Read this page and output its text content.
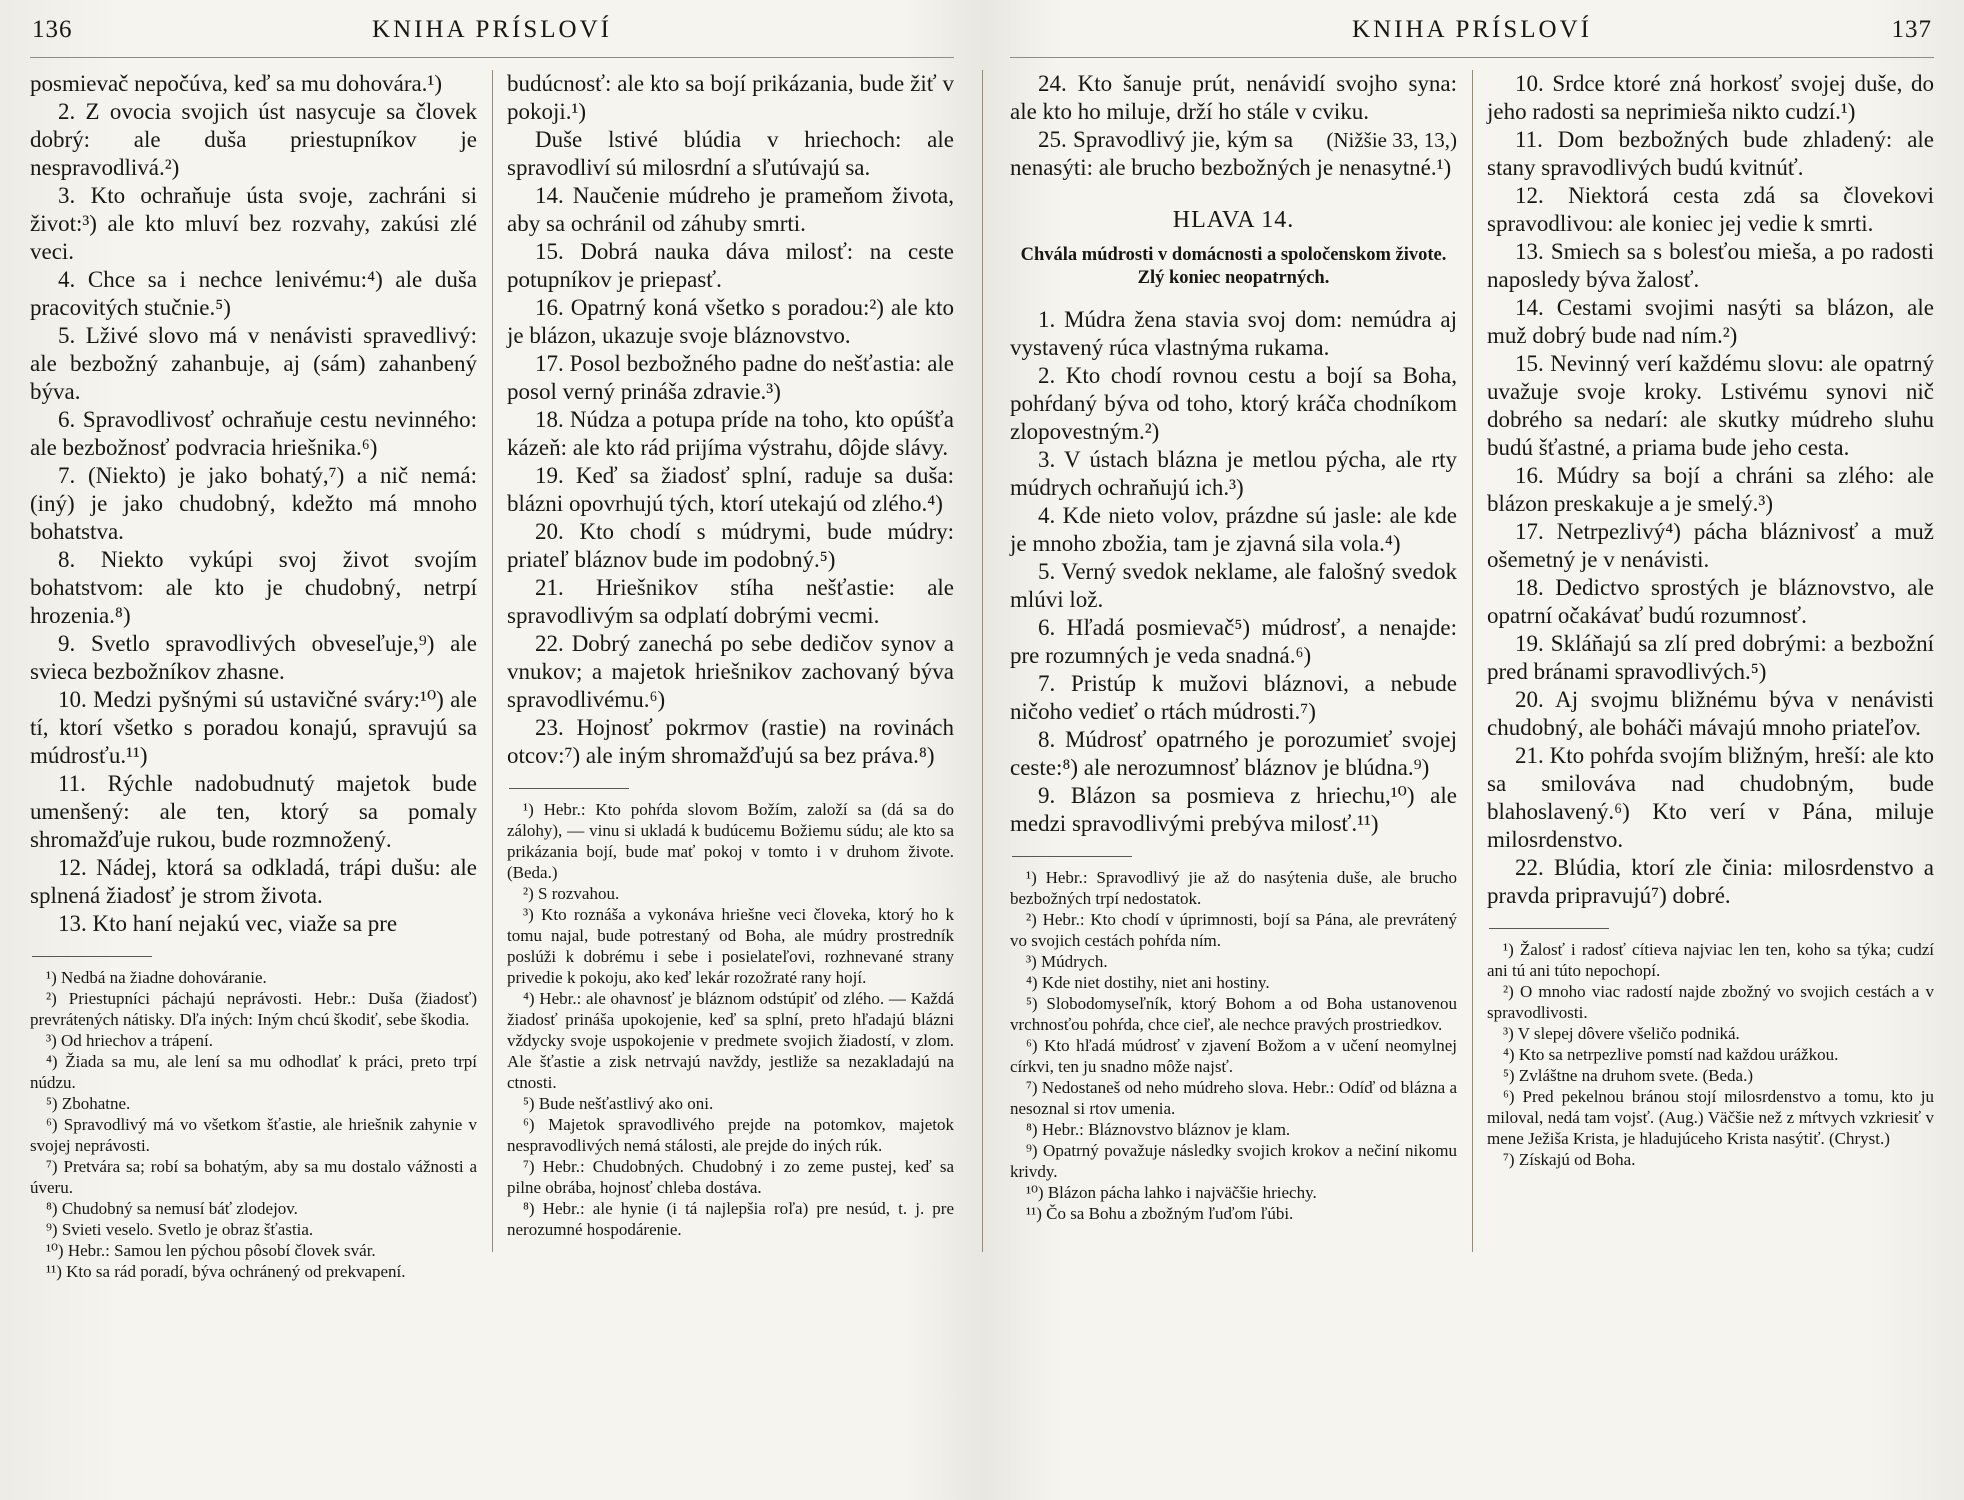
136	KNIHA PRÍSLOVÍ	KNIHA PRÍSLOVÍ	137

posmievač nepočúva, keď sa mu dohovára.¹)

2. Z ovocia svojich úst nasycuje sa človek dobrý: ale duša priestupníkov je nespravodlivá.²)

3. Kto ochraňuje ústa svoje, zachráni si život:³) ale kto mluví bez rozvahy, zakúsi zlé veci.

4. Chce sa i nechce lenivému:⁴) ale duša pracovitých stučnie.⁵)

5. Lživé slovo má v nenávisti spravedlivý: ale bezbožný zahanbuje, aj (sám) zahanbený býva.

6. Spravodlivosť ochraňuje cestu nevinného: ale bezbožnosť podvracia hriešnika.⁶)

7. (Niekto) je jako bohatý,⁷) a nič nemá: (iný) je jako chudobný, kdežto má mnoho bohatstva.

8. Niekto vykúpi svoj život svojím bohatstvom: ale kto je chudobný, netrpí hrozenia.⁸)

9. Svetlo spravodlivých obveseľuje,⁹) ale svieca bezbožníkov zhasne.

10. Medzi pyšnými sú ustavičné sváry:¹⁰) ale tí, ktorí všetko s poradou konajú, spravujú sa múdrosťu.¹¹)

11. Rýchle nadobudnutý majetok bude umenšený: ale ten, ktorý sa pomaly shromažďuje rukou, bude rozmnožený.

12. Nádej, ktorá sa odkladá, trápi dušu: ale splnená žiadosť je strom života.

13. Kto haní nejakú vec, viaže sa pre

¹) Nedbá na žiadne dohováranie.

²) Priestupníci páchajú neprávosti. Hebr.: Duša (žiadosť) prevrátených nátisky. Dľa iných: Iným chcú škodiť, sebe škodia.

³) Od hriechov a trápení.

⁴) Žiada sa mu, ale lení sa mu odhodlať k práci, preto trpí núdzu.

⁵) Zbohatne.

⁶) Spravodlivý má vo všetkom šťastie, ale hriešnik zahynie v svojej neprávosti.

⁷) Pretvára sa; robí sa bohatým, aby sa mu dostalo vážnosti a úveru.

⁸) Chudobný sa nemusí báť zlodejov.

⁹) Svieti veselo. Svetlo je obraz šťastia.

¹⁰) Hebr.: Samou len pýchou pôsobí človek svár.

¹¹) Kto sa rád poradí, býva ochránený od prekvapení.

budúcnosť: ale kto sa bojí prikázania, bude žiť v pokoji.¹)

Duše lstivé blúdia v hriechoch: ale spravodliví sú milosrdní a sľutúvajú sa.

14. Naučenie múdreho je prameňom života, aby sa ochránil od záhuby smrti.

15. Dobrá nauka dáva milosť: na ceste potupníkov je priepasť.

16. Opatrný koná všetko s poradou:²) ale kto je blázon, ukazuje svoje bláznovstvo.

17. Posol bezbožného padne do nešťastia: ale posol verný prináša zdravie.³)

18. Núdza a potupa príde na toho, kto opúšťa kázeň: ale kto rád prijíma výstrahu, dôjde slávy.

19. Keď sa žiadosť splní, raduje sa duša: blázni opovrhujú tých, ktorí utekajú od zlého.⁴)

20. Kto chodí s múdrymi, bude múdry: priateľ bláznov bude im podobný.⁵)

21. Hriešnikov stíha nešťastie: ale spravodlivým sa odplatí dobrými vecmi.

22. Dobrý zanechá po sebe dedičov synov a vnukov; a majetok hriešnikov zachovaný býva spravodlivému.⁶)

23. Hojnosť pokrmov (rastie) na rovinách otcov:⁷) ale iným shromažďujú sa bez práva.⁸)

¹) Hebr.: Kto pohŕda slovom Božím, založí sa (dá sa do zálohy), — vinu si ukladá k budúcemu Božiemu súdu; ale kto sa prikázania bojí, bude mať pokoj v tomto i v druhom živote. (Beda.)

²) S rozvahou.

³) Kto roznáša a vykonáva hriešne veci človeka, ktorý ho k tomu najal, bude potrestaný od Boha, ale múdry prostredník poslúži k dobrému i sebe i posielateľovi, rozhnevané strany privedie k pokoju, ako keď lekár rozožraté rany hojí.

⁴) Hebr.: ale ohavnosť je bláznom odstúpiť od zlého. — Každá žiadosť prináša upokojenie, keď sa splní, preto hľadajú blázni vždycky svoje uspokojenie v predmete svojich žiadostí, v zlom. Ale šťastie a zisk netrvajú navždy, jestliže sa nezakladajú na ctnosti.

⁵) Bude nešťastlivý ako oni.

⁶) Majetok spravodlivého prejde na potomkov, majetok nespravodlivých nemá stálosti, ale prejde do iných rúk.

⁷) Hebr.: Chudobných. Chudobný i zo zeme pustej, keď sa pilne obrába, hojnosť chleba dostáva.

⁸) Hebr.: ale hynie (i tá najlepšia roľa) pre nesúd, t. j. pre nerozumné hospodárenie.

24. Kto šanuje prút, nenávidí svojho syna: ale kto ho miluje, drží ho stále v cviku.
(Nižšie 33, 13,)

25. Spravodlivý jie, kým sa nenasýti: ale brucho bezbožných je nenasytné.¹)

HLAVA 14.

Chvála múdrosti v domácnosti a spoločenskom živote. Zlý koniec neopatrných.

1. Múdra žena stavia svoj dom: nemúdra aj vystavený rúca vlastnýma rukama.

2. Kto chodí rovnou cestu a bojí sa Boha, pohŕdaný býva od toho, ktorý kráča chodníkom zlopovestným.²)

3. V ústach blázna je metlou pýcha, ale rty múdrych ochraňujú ich.³)

4. Kde nieto volov, prázdne sú jasle: ale kde je mnoho zbožia, tam je zjavná sila vola.⁴)

5. Verný svedok neklame, ale falošný svedok mlúvi lož.

6. Hľadá posmievač⁵) múdrosť, a nenajde: pre rozumných je veda snadná.⁶)

7. Pristúp k mužovi bláznovi, a nebude ničoho vedieť o rtách múdrosti.⁷)

8. Múdrosť opatrného je porozumieť svojej ceste:⁸) ale nerozumnosť bláznov je blúdna.⁹)

9. Blázon sa posmieva z hriechu,¹⁰) ale medzi spravodlivými prebýva milosť.¹¹)

¹) Hebr.: Spravodlivý jie až do nasýtenia duše, ale brucho bezbožných trpí nedostatok.

²) Hebr.: Kto chodí v úprimnosti, bojí sa Pána, ale prevrátený vo svojich cestách pohŕda ním.

³) Múdrych.

⁴) Kde niet dostihy, niet ani hostiny.

⁵) Slobodomyseľník, ktorý Bohom a od Boha ustanovenou vrchnosťou pohŕda, chce cieľ, ale nechce pravých prostriedkov.

⁶) Kto hľadá múdrosť v zjavení Božom a v učení neomylnej církvi, ten ju snadno môže najsť.

⁷) Nedostaneš od neho múdreho slova. Hebr.: Odíď od blázna a nesoznal si rtov umenia.

⁸) Hebr.: Bláznovstvo bláznov je klam.

⁹) Opatrný považuje následky svojich krokov a nečiní nikomu krivdy.

¹⁰) Blázon pácha lahko i najväčšie hriechy.

¹¹) Čo sa Bohu a zbožným ľuďom ľúbi.

10. Srdce ktoré zná horkosť svojej duše, do jeho radosti sa neprimieša nikto cudzí.¹)

11. Dom bezbožných bude zhladený: ale stany spravodlivých budú kvitnúť.

12. Niektorá cesta zdá sa človekovi spravodlivou: ale koniec jej vedie k smrti.

13. Smiech sa s bolesťou mieša, a po radosti naposledy býva žalosť.

14. Cestami svojimi nasýti sa blázon, ale muž dobrý bude nad ním.²)

15. Nevinný verí každému slovu: ale opatrný uvažuje svoje kroky. Lstivému synovi nič dobrého sa nedarí: ale skutky múdreho sluhu budú šťastné, a priama bude jeho cesta.

16. Múdry sa bojí a chráni sa zlého: ale blázon preskakuje a je smelý.³)

17. Netrpezlivý⁴) pácha bláznivosť a muž ošemetný je v nenávisti.

18. Dedictvo sprostých je bláznovstvo, ale opatrní očakávať budú rozumnosť.

19. Skláňajú sa zlí pred dobrými: a bezbožní pred bránami spravodlivých.⁵)

20. Aj svojmu bližnému býva v nenávisti chudobný, ale boháči mávajú mnoho priateľov.

21. Kto pohŕda svojím bližným, hreší: ale kto sa smilováva nad chudobným, bude blahoslavený.⁶) Kto verí v Pána, miluje milosrdenstvo.

22. Blúdia, ktorí zle činia: milosrdenstvo a pravda pripravujú⁷) dobré.

¹) Žalosť i radosť cítieva najviac len ten, koho sa týka; cudzí ani tú ani túto nepochopí.

²) O mnoho viac radostí najde zbožný vo svojich cestách a v spravodlivosti.

³) V slepej dôvere všeličo podniká.

⁴) Kto sa netrpezlive pomstí nad každou urážkou.

⁵) Zvláštne na druhom svete. (Beda.)

⁶) Pred pekelnou bránou stojí milosrdenstvo a tomu, kto ju miloval, nedá tam vojsť. (Aug.) Väčšie než z mŕtvych vzkriesiť v mene Ježiša Krista, je hladujúceho Krista nasýtiť. (Chryst.)

⁷) Získajú od Boha.
